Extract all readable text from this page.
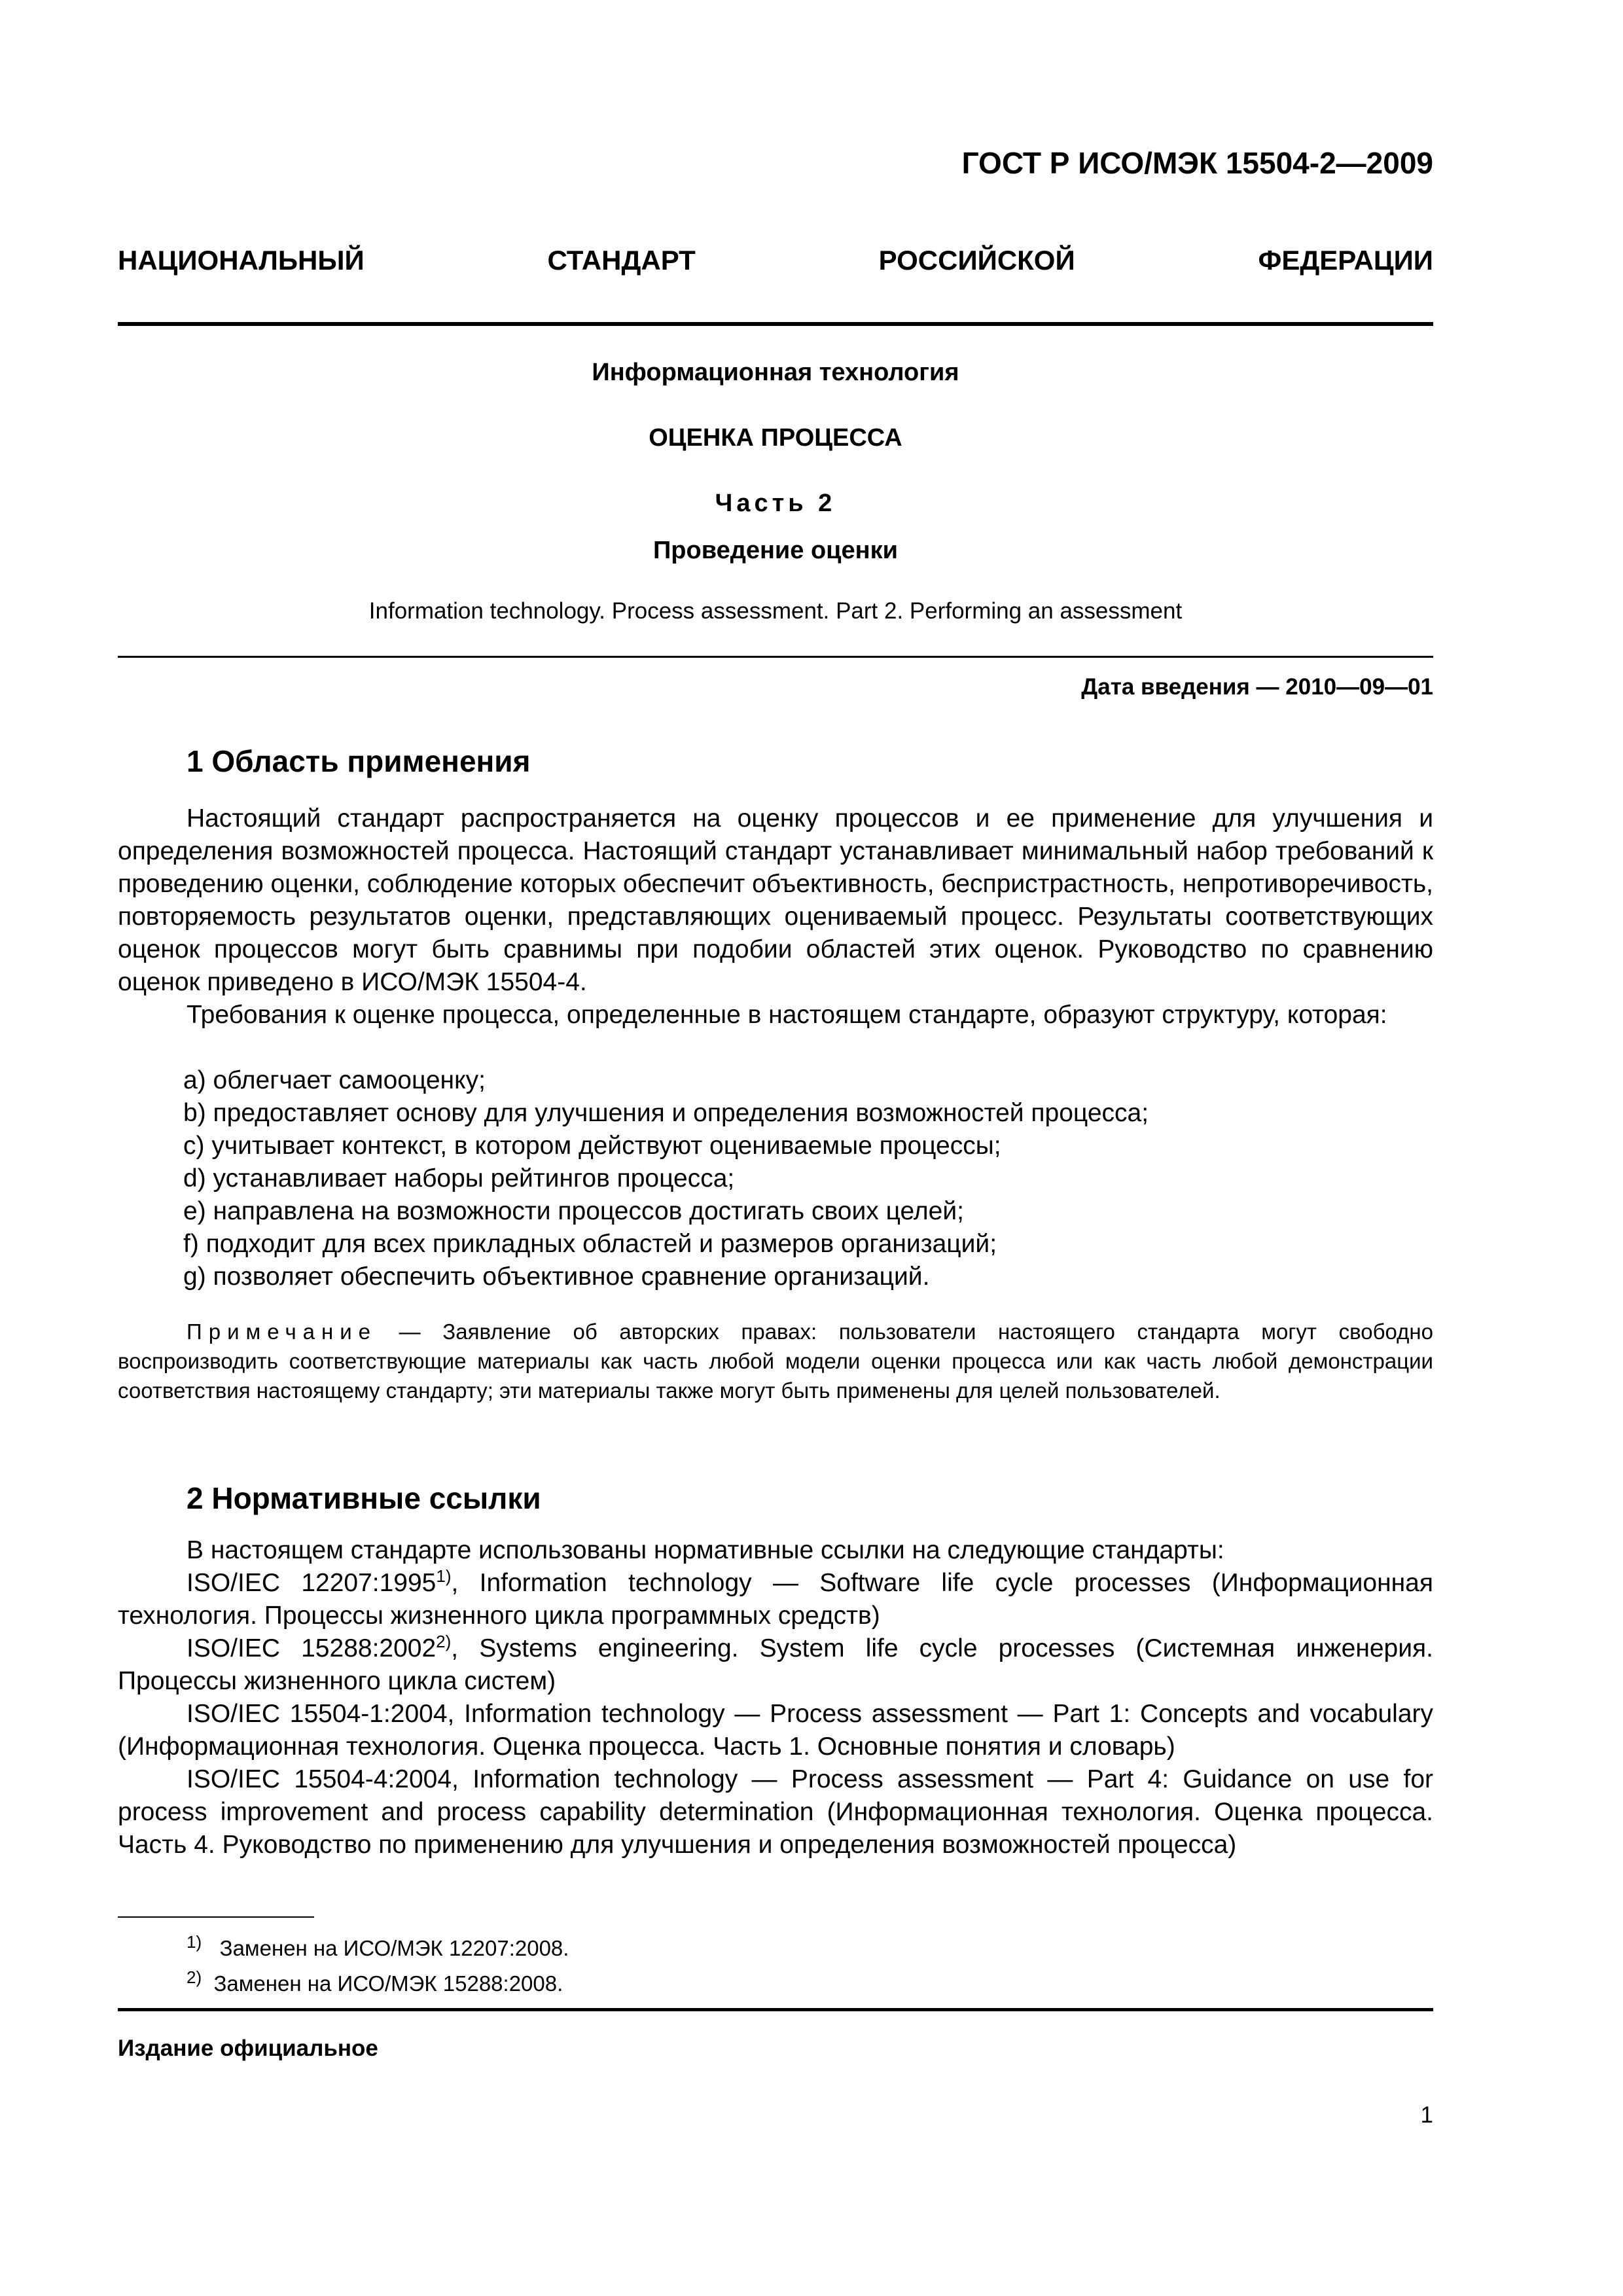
ГОСТ Р ИСО/МЭК 15504-2—2009
НАЦИОНАЛЬНЫЙ СТАНДАРТ РОССИЙСКОЙ ФЕДЕРАЦИИ
Информационная технология
ОЦЕНКА ПРОЦЕССА
Часть 2
Проведение оценки
Information technology. Process assessment. Part 2. Performing an assessment
Дата введения — 2010—09—01
1 Область применения

Настоящий стандарт распространяется на оценку процессов и ее применение для улучшения и определения возможностей процесса. Настоящий стандарт устанавливает минимальный набор требований к проведению оценки, соблюдение которых обеспечит объективность, беспристрастность, непротиворечивость, повторяемость результатов оценки, представляющих оцениваемый процесс. Результаты соответствующих оценок процессов могут быть сравнимы при подобии областей этих оценок. Руководство по сравнению оценок приведено в ИСО/МЭК 15504-4.

Требования к оценке процесса, определенные в настоящем стандарте, образуют структуру, которая:

a) облегчает самооценку;
b) предоставляет основу для улучшения и определения возможностей процесса;
c) учитывает контекст, в котором действуют оцениваемые процессы;
d) устанавливает наборы рейтингов процесса;
e) направлена на возможности процессов достигать своих целей;
f) подходит для всех прикладных областей и размеров организаций;
g) позволяет обеспечить объективное сравнение организаций.
Примечание — Заявление об авторских правах: пользователи настоящего стандарта могут свободно воспроизводить соответствующие материалы как часть любой модели оценки процесса или как часть любой демонстрации соответствия настоящему стандарту; эти материалы также могут быть применены для целей пользователей.
2 Нормативные ссылки

В настоящем стандарте использованы нормативные ссылки на следующие стандарты:

ISO/IEC 12207:1995$^{1)}$, Information technology — Software life cycle processes (Информационная технология. Процессы жизненного цикла программных средств)

ISO/IEC 15288:2002$^{2)}$, Systems engineering. System life cycle processes (Системная инженерия. Процессы жизненного цикла систем)

ISO/IEC 15504-1:2004, Information technology — Process assessment — Part 1: Concepts and vocabulary (Информационная технология. Оценка процесса. Часть 1. Основные понятия и словарь)

ISO/IEC 15504-4:2004, Information technology — Process assessment — Part 4: Guidance on use for process improvement and process capability determination (Информационная технология. Оценка процесса. Часть 4. Руководство по применению для улучшения и определения возможностей процесса)

$^{1)}$ Заменен на ИСО/МЭК 12207:2008.
$^{2)}$ Заменен на ИСО/МЭК 15288:2008.
Издание официальное
1
